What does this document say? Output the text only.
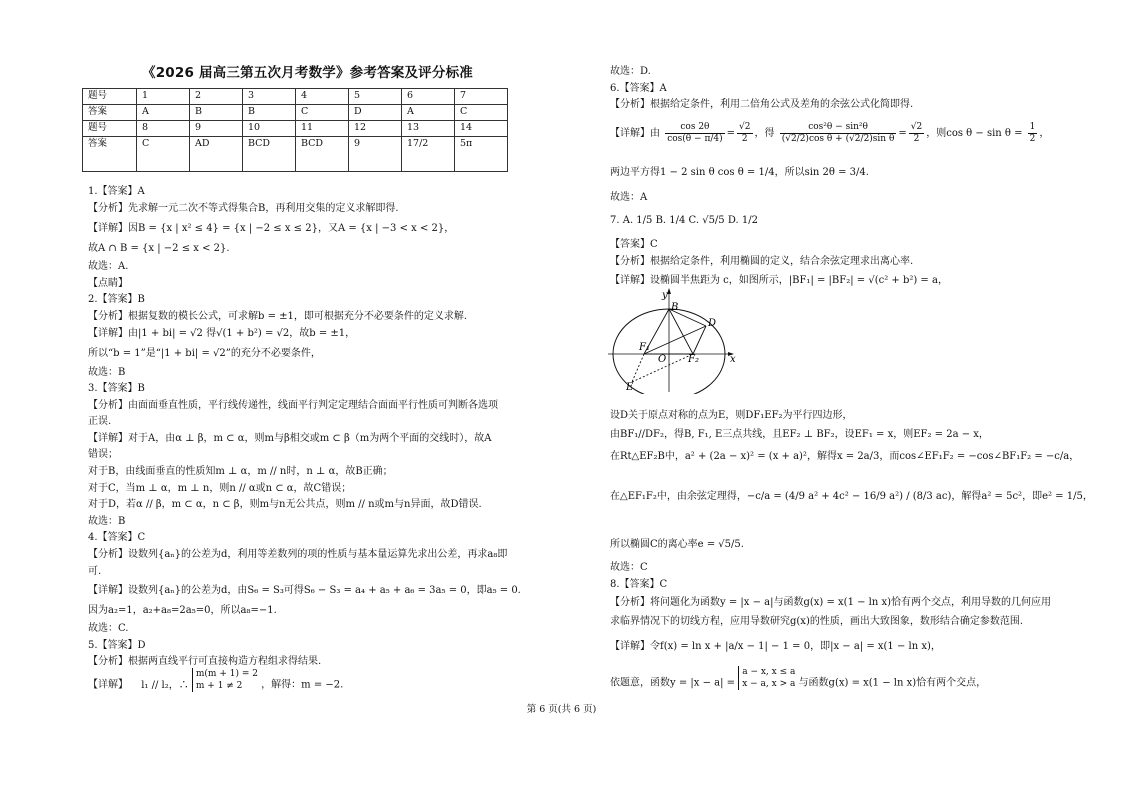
《2026 届高三第五次月考数学》参考答案及评分标准
题号	1	2	3	4	5	6	7
答案	A	B	B	C	D	A	C
题号	8	9	10	11	12	13	14
答案	C	AD	BCD	BCD	9	17/2	5π
1.【答案】A
【分析】先求解一元二次不等式得集合B，再利用交集的定义求解即得.
【详解】因B = {x | x² ≤ 4} = {x | −2 ≤ x ≤ 2}，又A = {x | −3 < x < 2}，
故A ∩ B = {x | −2 ≤ x < 2}.
故选：A.
【点睛】
2.【答案】B
【分析】根据复数的模长公式，可求解b = ±1，即可根据充分不必要条件的定义求解.
【详解】由|1 + bi| = √2 得√(1 + b²) = √2，故b = ±1，
所以“b = 1”是“|1 + bi| = √2”的充分不必要条件，
故选：B
3.【答案】B
【分析】由面面垂直性质，平行线传递性，线面平行判定定理结合面面平行性质可判断各选项
正误.
【详解】对于A，由α ⊥ β，m ⊂ α，则m与β相交或m ⊂ β（m为两个平面的交线时），故A
错误；
对于B，由线面垂直的性质知m ⊥ α，m // n时，n ⊥ α，故B正确；
对于C，当m ⊥ α，m ⊥ n，则n // α或n ⊂ α，故C错误；
对于D，若α // β，m ⊂ α，n ⊂ β，则m与n无公共点，则m // n或m与n异面，故D错误.
故选：B
4.【答案】C
【分析】设数列{aₙ}的公差为d，利用等差数列的项的性质与基本量运算先求出公差，再求a₈即
可.
【详解】设数列{aₙ}的公差为d，由S₆ = S₃可得S₆ − S₃ = a₄ + a₅ + a₆ = 3a₅ = 0，即a₅ = 0.
因为a₂=1，a₂+a₈=2a₅=0，所以a₈=−1.
故选：C.
5.【答案】D
【分析】根据两直线平行可直接构造方程组求得结果.
【详解】 l₁ // l₂，∴
m(m + 1) = 2
m + 1 ≠ 2	，解得：m = −2.
故选：D.
6.【答案】A
【分析】根据给定条件，利用二倍角公式及差角的余弦公式化简即得.
【详解】由 $\frac{\cos 2\theta}{\cos(\theta - \pi/4)} = \frac{√2}{2}$ ，得 $\frac{\text{cos²θ − sin²θ}}{\text{(√2/2)cos θ + (√2/2)sin θ}} = \frac{√2}{2}$ ，则$\cos \theta - \sin \theta = \frac{1}{2}$ ，
两边平方得1 − 2 sin θ cos θ = 1/4，所以sin 2θ = 3/4.
故选：A
7. A. 1/5 B. 1/4 C. √5/5 D. 1/2
【答案】C
【分析】根据给定条件，利用椭圆的定义，结合余弦定理求出离心率.
【详解】设椭圆半焦距为 c，如图所示，|BF₁| = |BF₂| = √(c² + b²) = a，
y
x
B
D
F₁
O F₂
E
设D关于原点对称的点为E，则DF₁EF₂为平行四边形，
由BF₁//DF₂，得B, F₁, E三点共线，且EF₂ ⊥ BF₂，设EF₁ = x，则EF₂ = 2a − x，
在Rt△EF₂B中，a² + (2a − x)² = (x + a)²，解得x = 2a/3，而cos∠EF₁F₂ = −cos∠BF₁F₂ = −c/a，
在△EF₁F₂中，由余弦定理得，−c/a = (4/9 a² + 4c² − 16/9 a²) / (8/3 ac)，解得a² = 5c²，即e² = 1/5，
所以椭圆C的离心率e = √5/5.
故选：C
8.【答案】C
【分析】将问题化为函数y = |x − a|与函数g(x) = x(1 − ln x)恰有两个交点，利用导数的几何应用
求临界情况下的切线方程，应用导数研究g(x)的性质，画出大致图象，数形结合确定参数范围.
【详解】令f(x) = ln x + |a/x − 1| − 1 = 0，即|x − a| = x(1 − ln x)，
依题意，函数y = |x − a| =
a − x, x ≤ a
x − a, x > a 与函数g(x) = x(1 − ln x)恰有两个交点，
第 6 页(共 6 页)
